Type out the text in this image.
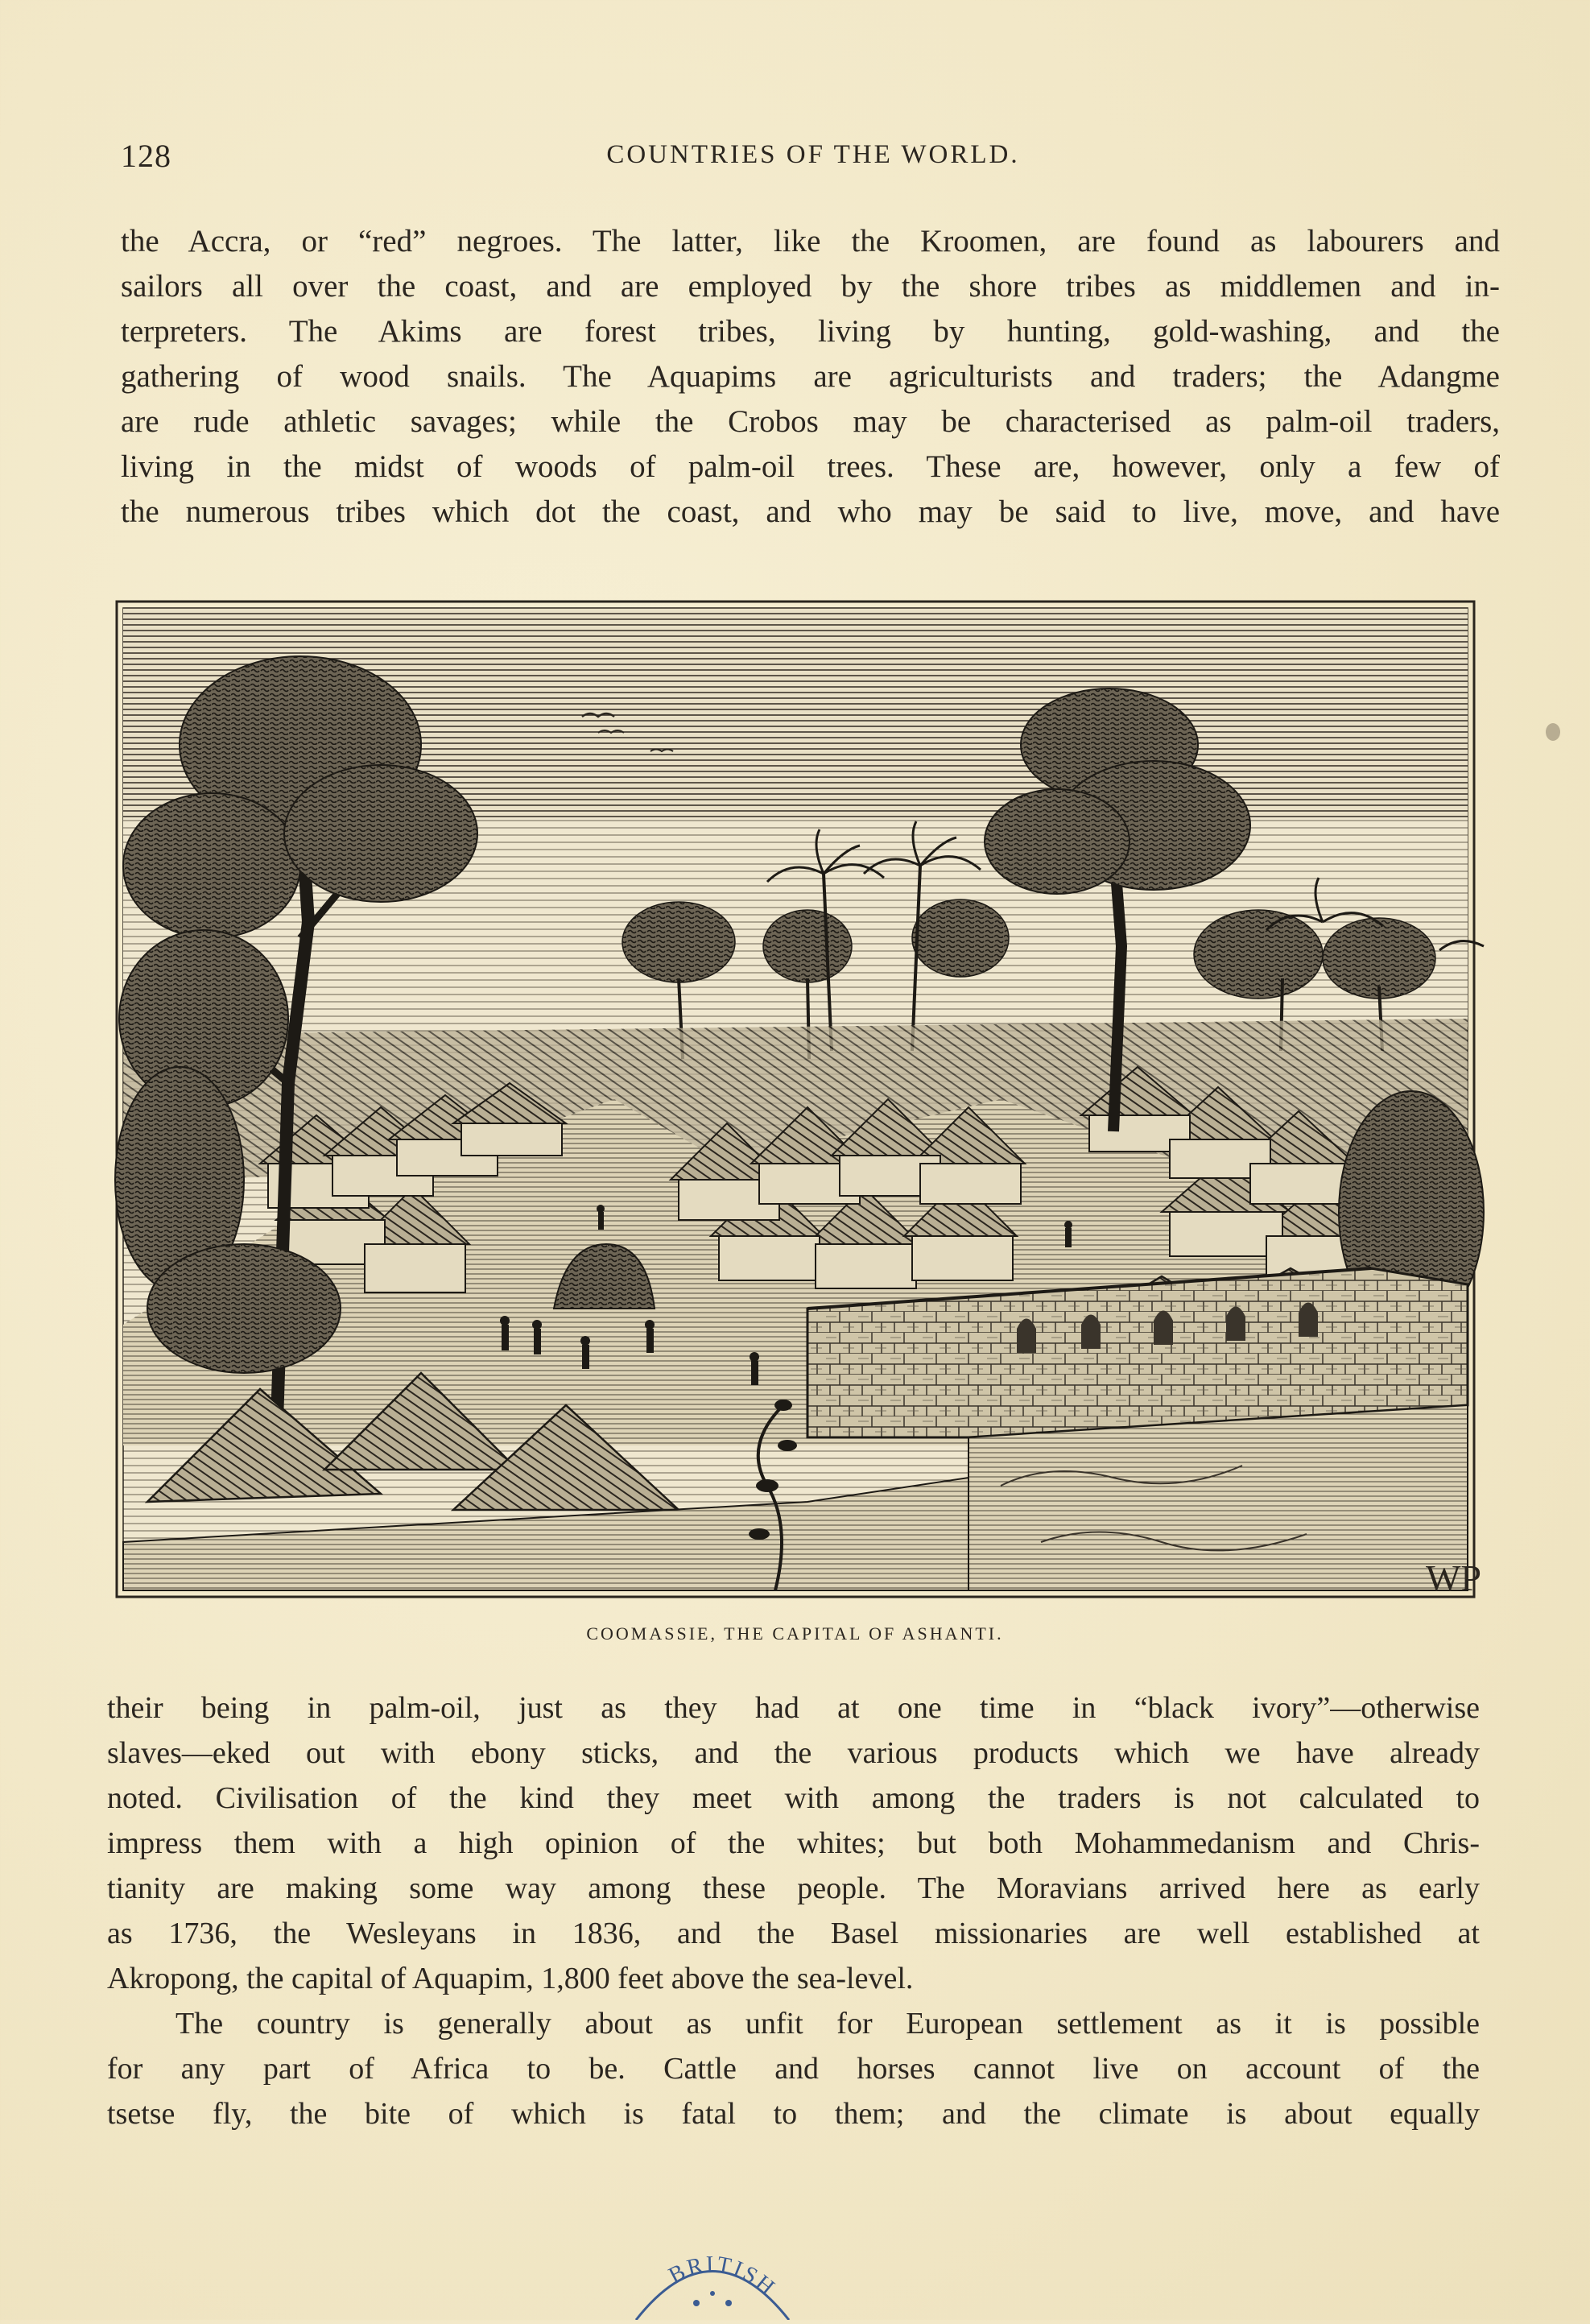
128	COUNTRIES OF THE WORLD.
the Accra, or “red” negroes. The latter, like the Kroomen, are found as labourers and
sailors all over the coast, and are employed by the shore tribes as middlemen and in-
terpreters. The Akims are forest tribes, living by hunting, gold-washing, and the
gathering of wood snails. The Aquapims are agriculturists and traders; the Adangme
are rude athletic savages; while the Crobos may be characterised as palm-oil traders,
living in the midst of woods of palm-oil trees. These are, however, only a few of
the numerous tribes which dot the coast, and who may be said to live, move, and have
WP
COOMASSIE, THE CAPITAL OF ASHANTI.
their being in palm-oil, just as they had at one time in “black ivory”—otherwise
slaves—eked out with ebony sticks, and the various products which we have already
noted. Civilisation of the kind they meet with among the traders is not calculated to
impress them with a high opinion of the whites; but both Mohammedanism and Chris-
tianity are making some way among these people. The Moravians arrived here as early
as 1736, the Wesleyans in 1836, and the Basel missionaries are well established at
Akropong, the capital of Aquapim, 1,800 feet above the sea-level.
The country is generally about as unfit for European settlement as it is possible
for any part of Africa to be. Cattle and horses cannot live on account of the
tsetse fly, the bite of which is fatal to them; and the climate is about equally
BRITISH
